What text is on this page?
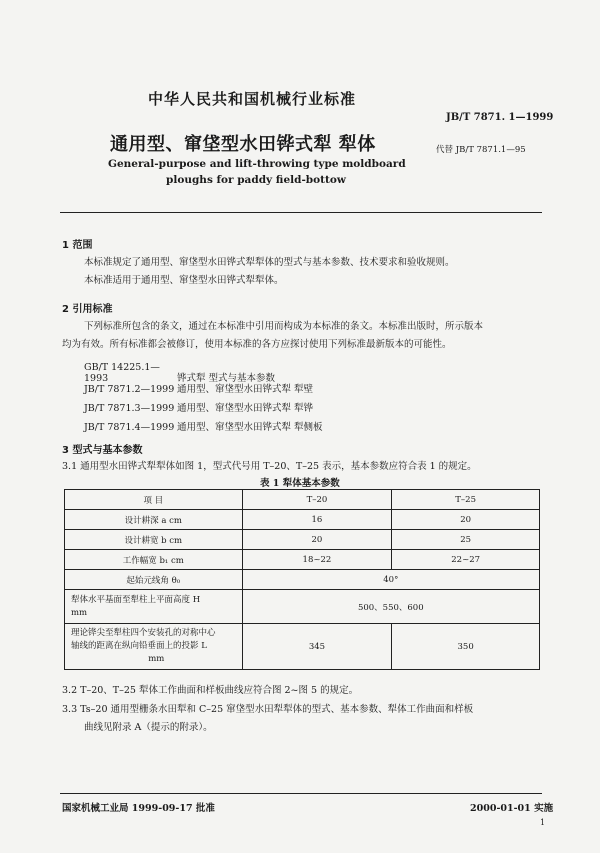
中华人民共和国机械行业标准
JB/T 7871. 1—1999
通用型、窜垡型水田铧式犁 犁体	代替 JB/T 7871.1—95
General-purpose and lift-throwing type moldboard
ploughs for paddy field-bottow
1 范围
本标准规定了通用型、窜垡型水田铧式犁犁体的型式与基本参数、技术要求和验收规则。
本标准适用于通用型、窜垡型水田铧式犁犁体。
2 引用标准
下列标准所包含的条文，通过在本标准中引用而构成为本标准的条文。本标准出版时，所示版本
均为有效。所有标准都会被修订，使用本标准的各方应探讨使用下列标准最新版本的可能性。
GB/T 14225.1—1993	铧式犁 型式与基本参数
JB/T 7871.2—1999 通用型、窜垡型水田铧式犁 犁壁
JB/T 7871.3—1999 通用型、窜垡型水田铧式犁 犁铧
JB/T 7871.4—1999 通用型、窜垡型水田铧式犁 犁侧板
3 型式与基本参数
3.1 通用型水田铧式犁犁体如图 1，型式代号用 T–20、T–25 表示，基本参数应符合表 1 的规定。
表 1 犁体基本参数
项 目	T–20	T–25
设计耕深 a cm	16	20
设计耕宽 b cm	20	25
工作幅宽 b₁ cm	18~22	22~27
起始元线角 θ₀	40°	

犁体水平基面至犁柱上平面高度 H
mm	500、550、600	

理论铧尖至犁柱四个安装孔的对称中心
轴线的距离在纵向铅垂面上的投影 L
mm	345	350
3.2 T–20、T–25 犁体工作曲面和样板曲线应符合图 2~图 5 的规定。
3.3 Ts–20 通用型栅条水田犁和 C–25 窜垡型水田犁犁体的型式、基本参数、犁体工作曲面和样板
曲线见附录 A（提示的附录）。
国家机械工业局 1999-09-17 批准	2000-01-01 实施
1
